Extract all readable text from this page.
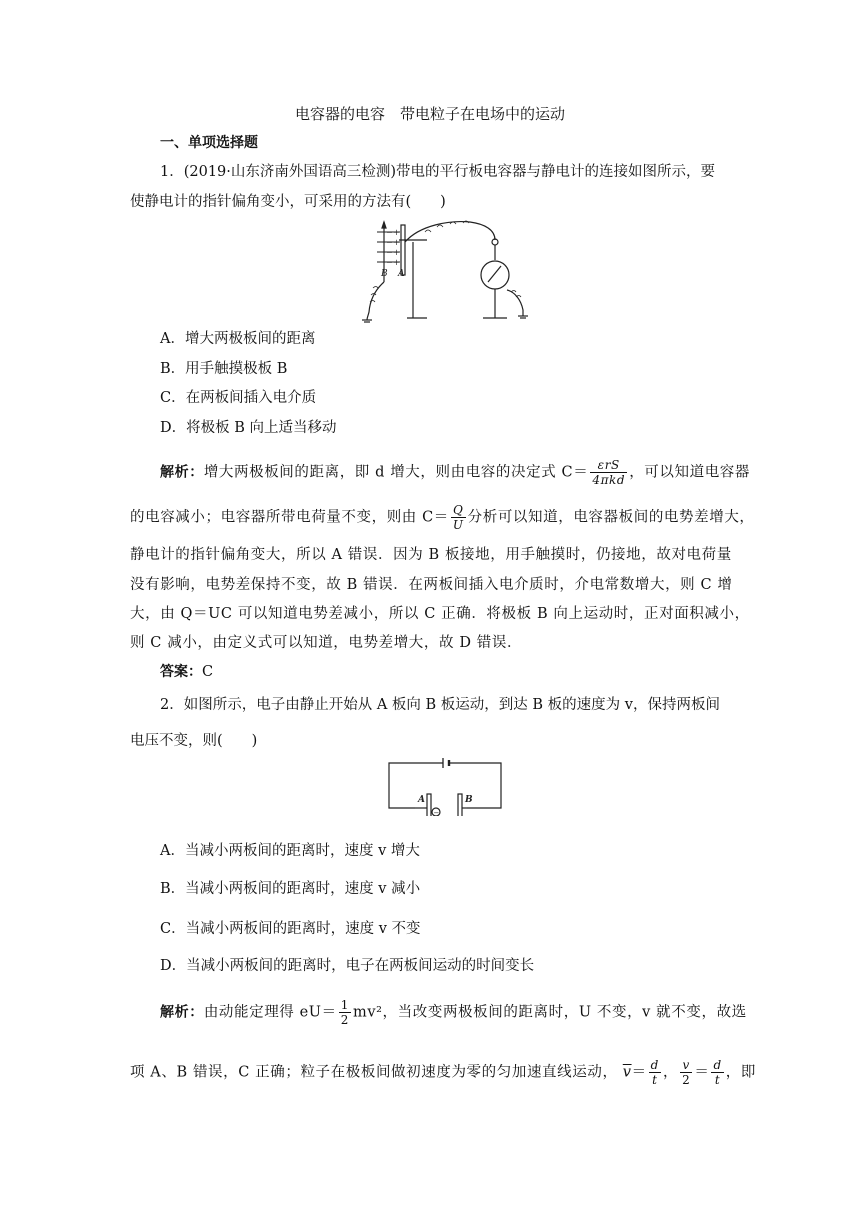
电容器的电容　带电粒子在电场中的运动
一、单项选择题
1．(2019·山东济南外国语高三检测)带电的平行板电容器与静电计的连接如图所示，要
使静电计的指针偏角变小，可采用的方法有(　　)
−
−
−
−
+
+
+
+
B A
A．增大两极板间的距离
B．用手触摸极板 B
C．在两板间插入电介质
D．将极板 B 向上适当移动
解析：增大两极板间的距离，即 d 增大，则由电容的决定式 $C= \frac{\text{εrS}}{\text{4πkd}}$ ，可以知道电容器
的电容减小；电容器所带电荷量不变，则由 $C= \frac{Q}{U}$ 分析可以知道，电容器板间的电势差增大，
静电计的指针偏角变大，所以 A 错误．因为 B 板接地，用手触摸时，仍接地，故对电荷量
没有影响，电势差保持不变，故 B 错误．在两板间插入电介质时，介电常数增大，则 C 增
大，由 Q＝UC 可以知道电势差减小，所以 C 正确．将极板 B 向上运动时，正对面积减小，
则 C 减小，由定义式可以知道，电势差增大，故 D 错误．
答案：C
2．如图所示，电子由静止开始从 A 板向 B 板运动，到达 B 板的速度为 v，保持两板间
电压不变，则(　　)
−
A	B
A．当减小两板间的距离时，速度 v 增大
B．当减小两板间的距离时，速度 v 减小
C．当减小两板间的距离时，速度 v 不变
D．当减小两板间的距离时，电子在两板间运动的时间变长
解析：由动能定理得 $eU= \frac{1}{2} mv^2$，当改变两极板间的距离时，U 不变，v 就不变，故选
项 A、B 错误，C 正确；粒子在极板间做初速度为零的匀加速直线运动， $\overline{v}= \frac{d}{t}$ ， $\frac{v}{2} = \frac{d}{t}$ ，即
